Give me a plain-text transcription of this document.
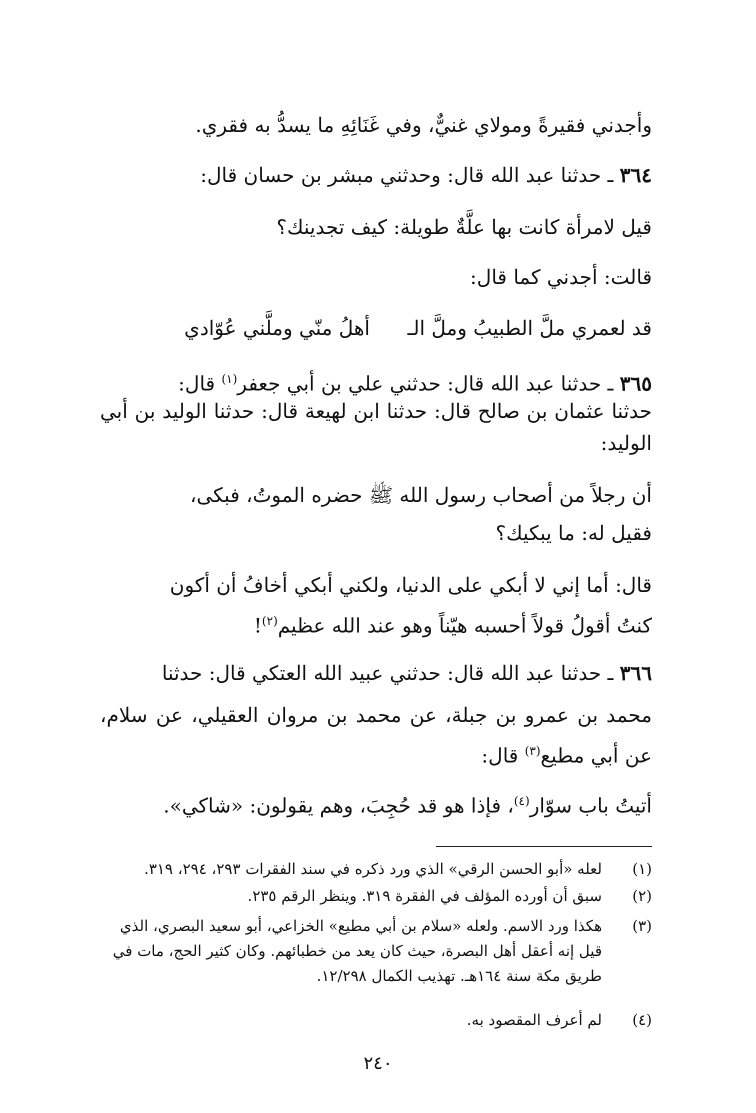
وأجدني فقيرةً ومولاي غنيٌّ، وفي غَنَائِهِ ما يسدُّ به فقري.
٣٦٤ ـ حدثنا عبد الله قال: وحدثني مبشر بن حسان قال:
قيل لامرأة كانت بها علَّةٌ طويلة: كيف تجدينك؟
قالت: أجدني كما قال:
قد لعمري ملَّ الطبيبُ وملَّ الـ
أهلُ منّي وملَّني عُوّادي
٣٦٥ ـ حدثنا عبد الله قال: حدثني علي بن أبي جعفر$^{(١)}$ قال:
حدثنا عثمان بن صالح قال: حدثنا ابن لهيعة قال: حدثنا الوليد بن أبي
الوليد:
أن رجلاً من أصحاب رسول الله ﷺ حضره الموتُ، فبكى،
فقيل له: ما يبكيك؟
قال: أما إني لا أبكي على الدنيا، ولكني أبكي أخافُ أن أكون
كنتُ أقولُ قولاً أحسبه هيّناً وهو عند الله عظيم$^{(٢)}$!
٣٦٦ ـ حدثنا عبد الله قال: حدثني عبيد الله العتكي قال: حدثنا
محمد بن عمرو بن جبلة، عن محمد بن مروان العقيلي، عن سلام،
عن أبي مطيع$^{(٣)}$ قال:
أتيتُ باب سوّار$^{(٤)}$، فإذا هو قد حُجِبَ، وهم يقولون: «شاكي».
(١)
لعله «أبو الحسن الرقي» الذي ورد ذكره في سند الفقرات ٢٩٣، ٢٩٤، ٣١٩.
(٢)
سبق أن أورده المؤلف في الفقرة ٣١٩. وينظر الرقم ٢٣٥.
(٣)
هكذا ورد الاسم. ولعله «سلام بن أبي مطيع» الخزاعي، أبو سعيد البصري، الذي قيل إنه أعقل أهل البصرة، حيث كان يعد من خطبائهم. وكان كثير الحج، مات في طريق مكة سنة ١٦٤هـ. تهذيب الكمال ١٢/٢٩٨.
(٤)
لم أعرف المقصود به.
٢٤٠
